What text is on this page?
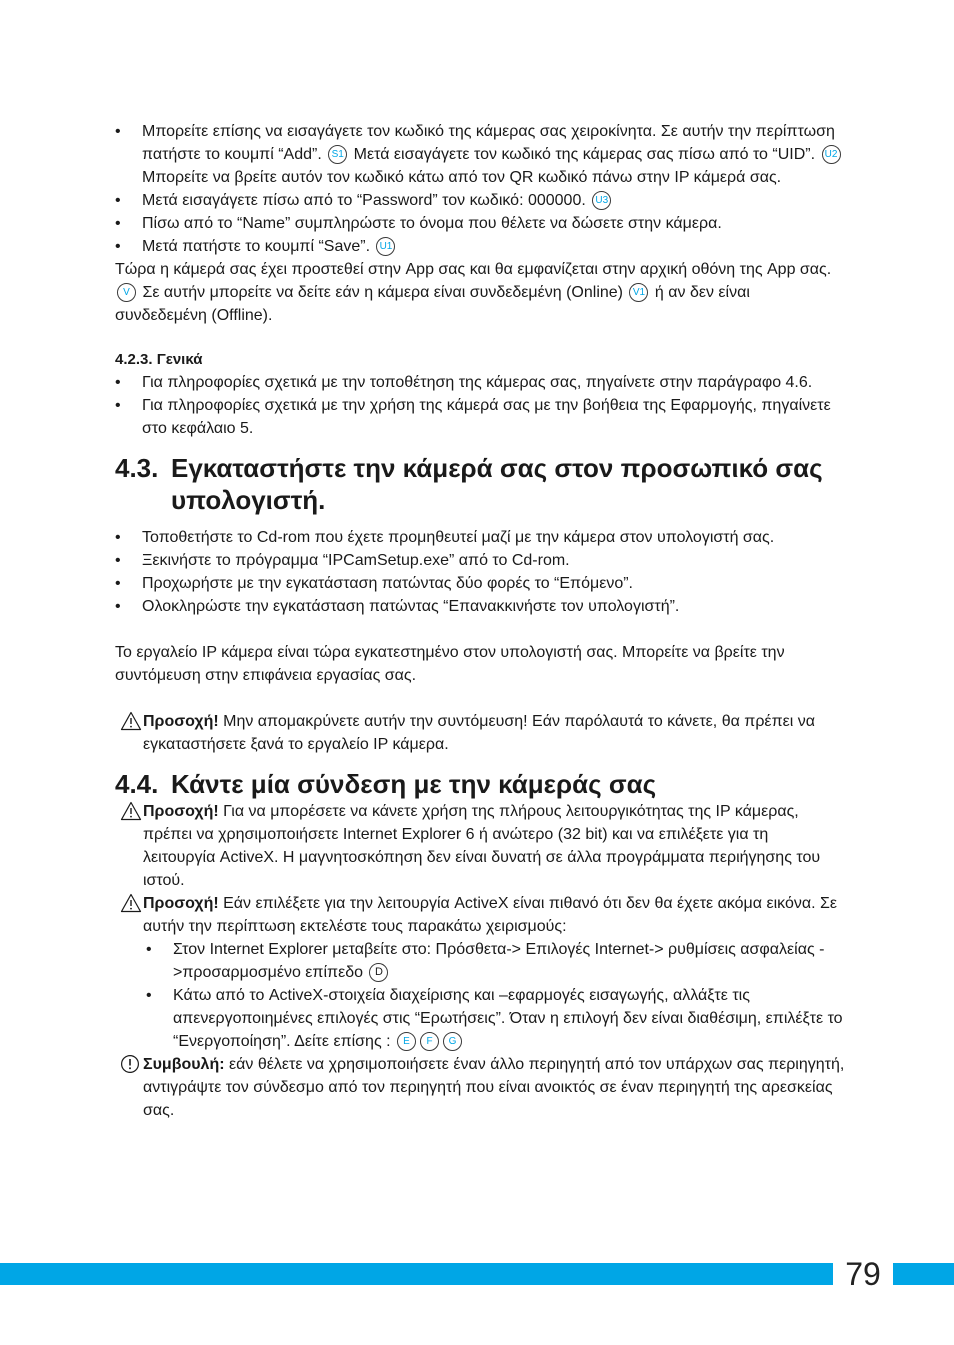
• Μπορείτε επίσης να εισαγάγετε τον κωδικό της κάμερας σας χειροκίνητα. Σε αυτήν την περίπτωση πατήστε το κουμπί “Add”. S1 Μετά εισαγάγετε τον κωδικό της κάμερας σας πίσω από το “UID”. U2 Μπορείτε να βρείτε αυτόν τον κωδικό κάτω από τον QR κωδικό πάνω στην IP κάμερά σας.
• Μετά εισαγάγετε πίσω από το “Password” τον κωδικό: 000000. U3
• Πίσω από το “Name” συμπληρώστε το όνομα που θέλετε να δώσετε στην κάμερα.
• Μετά πατήστε το κουμπί “Save”. U1

Τώρα η κάμερά σας έχει προστεθεί στην App σας και θα εμφανίζεται στην αρχική οθόνη της App σας.V Σε αυτήν μπορείτε να δείτε εάν η κάμερα είναι συνδεδεμένη (Online) V1 ή αν δεν είναι συνδεδεμένη (Offline).

4.2.3. Γενικά
• Για πληροφορίες σχετικά με την τοποθέτηση της κάμερας σας, πηγαίνετε στην παράγραφο 4.6.
• Για πληροφορίες σχετικά με την χρήση της κάμερά σας με την βοήθεια της Εφαρμογής, πηγαίνετε στο κεφάλαιο 5.
4.3. Εγκαταστήστε την κάμερά σας στον προσωπικό σας υπολογιστή.
• Τοποθετήστε το Cd-rom που έχετε προμηθευτεί μαζί με την κάμερα στον υπολογιστή σας.
• Ξεκινήστε το πρόγραμμα “IPCamSetup.exe” από το Cd-rom.
• Προχωρήστε με την εγκατάσταση πατώντας δύο φορές το “Επόμενο”.
• Ολοκληρώστε την εγκατάσταση πατώντας “Επανακκινήστε τον υπολογιστή”.

Το εργαλείο IP κάμερα είναι τώρα εγκατεστημένο στον υπολογιστή σας. Μπορείτε να βρείτε την συντόμευση στην επιφάνεια εργασίας σας.

Προσοχή! Μην απομακρύνετε αυτήν την συντόμευση! Εάν παρόλαυτά το κάνετε, θα πρέπει να εγκαταστήσετε ξανά το εργαλείο IP κάμερα.
4.4. Κάντε μία σύνδεση με την κάμεράς σας
Προσοχή! Για να μπορέσετε να κάνετε χρήση της πλήρους λειτουργικότητας της IP κάμερας, πρέπει να χρησιμοποιήσετε Internet Explorer 6 ή ανώτερο (32 bit) και να επιλέξετε για τη λειτουργία ActiveX. Η μαγνητοσκόπηση δεν είναι δυνατή σε άλλα προγράμματα περιήγησης του ιστού.
Προσοχή! Εάν επιλέξετε για την λειτουργία ActiveX είναι πιθανό ότι δεν θα έχετε ακόμα εικόνα. Σε αυτήν την περίπτωση εκτελέστε τους παρακάτω χειρισμούς:
• Στον Internet Explorer μεταβείτε στο: Πρόσθετα-> Επιλογές Internet-> ρυθμίσεις ασφαλείας ->προσαρμοσμένο επίπεδο D
• Κάτω από το ActiveX-στοιχεία διαχείρισης και –εφαρμογές εισαγωγής, αλλάξτε τις απενεργοποιημένες επιλογές στις “Ερωτήσεις”. Όταν η επιλογή δεν είναι διαθέσιμη, επιλέξτε το “Ενεργοποίηση”. Δείτε επίσης : E F G
Συμβουλή: εάν θέλετε να χρησιμοποιήσετε έναν άλλο περιηγητή από τον υπάρχων σας περιηγητή, αντιγράψτε τον σύνδεσμο από τον περιηγητή που είναι ανοικτός σε έναν περιηγητή της αρεσκείας σας.
79
